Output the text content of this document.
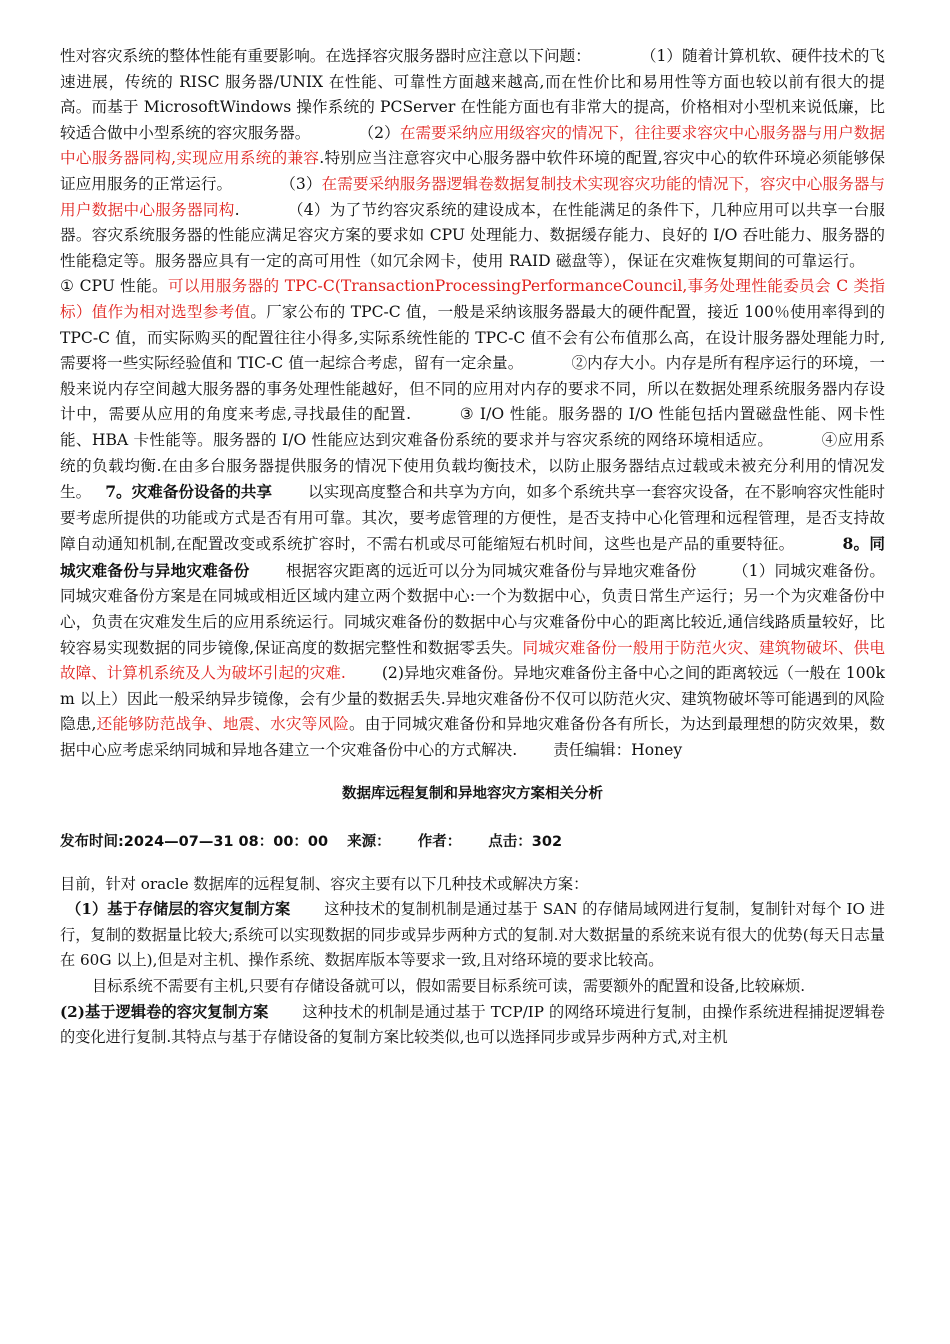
性对容灾系统的整体性能有重要影响。在选择容灾服务器时应注意以下问题：	（1）随着计算机软、硬件技术的飞速进展，传统的 RISC 服务器/UNIX 在性能、可靠性方面越来越高,而在性价比和易用性等方面也较以前有很大的提高。而基于 MicrosoftWindows 操作系统的 PCServer 在性能方面也有非常大的提高，价格相对小型机来说低廉，比较适合做中小型系统的容灾服务器。	（2）在需要采纳应用级容灾的情况下，往往要求容灾中心服务器与用户数据中心服务器同构,实现应用系统的兼容.特别应当注意容灾中心服务器中软件环境的配置,容灾中心的软件环境必须能够保证应用服务的正常运行。	（3）在需要采纳服务器逻辑卷数据复制技术实现容灾功能的情况下，容灾中心服务器与用户数据中心服务器同构.	（4）为了节约容灾系统的建设成本，在性能满足的条件下，几种应用可以共享一台服器。容灾系统服务器的性能应满足容灾方案的要求如 CPU 处理能力、数据缓存能力、良好的 I/O 吞吐能力、服务器的性能稳定等。服务器应具有一定的高可用性（如冗余网卡，使用 RAID 磁盘等），保证在灾难恢复期间的可靠运行。① CPU 性能。可以用服务器的 TPC-C(TransactionProcessingPerformanceCouncil,事务处理性能委员会 C 类指标）值作为相对选型参考值。厂家公布的 TPC-C 值，一般是采纳该服务器最大的硬件配置，接近 100％使用率得到的 TPC-C 值，而实际购买的配置往往小得多,实际系统性能的 TPC-C 值不会有公布值那么高，在设计服务器处理能力时,需要将一些实际经验值和 TIC-C 值一起综合考虑，留有一定余量。	②内存大小。内存是所有程序运行的环境，一般来说内存空间越大服务器的事务处理性能越好，但不同的应用对内存的要求不同，所以在数据处理系统服务器内存设计中，需要从应用的角度来考虑,寻找最佳的配置.	③ I/O 性能。服务器的 I/O 性能包括内置磁盘性能、网卡性能、HBA 卡性能等。服务器的 I/O 性能应达到灾难备份系统的要求并与容灾系统的网络环境相适应。	④应用系统的负载均衡.在由多台服务器提供服务的情况下使用负载均衡技术，以防止服务器结点过载或未被充分利用的情况发生。 7。灾难备份设备的共享 以实现高度整合和共享为方向，如多个系统共享一套容灾设备，在不影响容灾性能时要考虑所提供的功能或方式是否有用可靠。其次，要考虑管理的方便性，是否支持中心化管理和远程管理，是否支持故障自动通知机制,在配置改变或系统扩容时，不需右机或尽可能缩短右机时间，这些也是产品的重要特征。	8。同城灾难备份与异地灾难备份 根据容灾距离的远近可以分为同城灾难备份与异地灾难备份 （1）同城灾难备份。同城灾难备份方案是在同城或相近区域内建立两个数据中心:一个为数据中心，负责日常生产运行；另一个为灾难备份中心，负责在灾难发生后的应用系统运行。同城灾难备份的数据中心与灾难备份中心的距离比较近,通信线路质量较好，比较容易实现数据的同步镜像,保证高度的数据完整性和数据零丢失。同城灾难备份一般用于防范火灾、建筑物破坏、供电故障、计算机系统及人为破坏引起的灾难. (2)异地灾难备份。异地灾难备份主备中心之间的距离较远（一般在 100km 以上）因此一般采纳异步镜像，会有少量的数据丢失.异地灾难备份不仅可以防范火灾、建筑物破坏等可能遇到的风险隐患,还能够防范战争、地震、水灾等风险。由于同城灾难备份和异地灾难备份各有所长，为达到最理想的防灾效果，数据中心应考虑采纳同城和异地各建立一个灾难备份中心的方式解决. 责任编辑：Honey

数据库远程复制和异地容灾方案相关分析
发布时间:2024—07—31 08：00：00 来源： 作者： 点击：302

目前，针对 oracle 数据库的远程复制、容灾主要有以下几种技术或解决方案：
（1）基于存储层的容灾复制方案 这种技术的复制机制是通过基于 SAN 的存储局域网进行复制，复制针对每个 IO 进行，复制的数据量比较大;系统可以实现数据的同步或异步两种方式的复制.对大数据量的系统来说有很大的优势(每天日志量在 60G 以上),但是对主机、操作系统、数据库版本等要求一致,且对络环境的要求比较高。
目标系统不需要有主机,只要有存储设备就可以，假如需要目标系统可读，需要额外的配置和设备,比较麻烦.
(2)基于逻辑卷的容灾复制方案 这种技术的机制是通过基于 TCP/IP 的网络环境进行复制，由操作系统进程捕捉逻辑卷的变化进行复制.其特点与基于存储设备的复制方案比较类似,也可以选择同步或异步两种方式,对主机
